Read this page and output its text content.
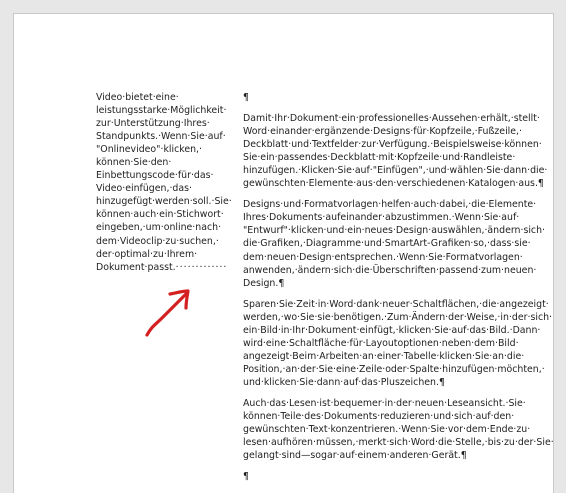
Video·bietet·eine·
leistungsstarke·Möglichkeit·
zur·Unterstützung·Ihres·
Standpunkts.·Wenn·Sie·auf·
"Onlinevideo"·klicken,·
können·Sie·den·
Einbettungscode·für·das·
Video·einfügen,·das·
hinzugefügt·werden·soll.·Sie·
können·auch·ein·Stichwort·
eingeben,·um·online·nach·
dem·Videoclip·zu·suchen,·
der·optimal·zu·Ihrem·
Dokument·passt.·············
¶
Damit·Ihr·Dokument·ein·professionelles·Aussehen·erhält,·stellt·
Word·einander·ergänzende·Designs·für·Kopfzeile,·Fußzeile,·
Deckblatt·und·Textfelder·zur·Verfügung.·Beispielsweise·können·
Sie·ein·passendes·Deckblatt·mit·Kopfzeile·und·Randleiste·
hinzufügen.·Klicken·Sie·auf·"Einfügen",·und·wählen·Sie·dann·die·
gewünschten·Elemente·aus·den·verschiedenen·Katalogen·aus.¶
Designs·und·Formatvorlagen·helfen·auch·dabei,·die·Elemente·
Ihres·Dokuments·aufeinander·abzustimmen.·Wenn·Sie·auf·
"Entwurf"·klicken·und·ein·neues·Design·auswählen,·ändern·sich·
die·Grafiken,·Diagramme·und·SmartArt-Grafiken·so,·dass·sie·
dem·neuen·Design·entsprechen.·Wenn·Sie·Formatvorlagen·
anwenden,·ändern·sich·die·Überschriften·passend·zum·neuen·
Design.¶
Sparen·Sie·Zeit·in·Word·dank·neuer·Schaltflächen,·die·angezeigt·
werden,·wo·Sie·sie·benötigen.·Zum·Ändern·der·Weise,·in·der·sich·
ein·Bild·in·Ihr·Dokument·einfügt,·klicken·Sie·auf·das·Bild.·Dann·
wird·eine·Schaltfläche·für·Layoutoptionen·neben·dem·Bild·
angezeigt·Beim·Arbeiten·an·einer·Tabelle·klicken·Sie·an·die·
Position,·an·der·Sie·eine·Zeile·oder·Spalte·hinzufügen·möchten,·
und·klicken·Sie·dann·auf·das·Pluszeichen.¶
Auch·das·Lesen·ist·bequemer·in·der·neuen·Leseansicht.·Sie·
können·Teile·des·Dokuments·reduzieren·und·sich·auf·den·
gewünschten·Text·konzentrieren.·Wenn·Sie·vor·dem·Ende·zu·
lesen·aufhören·müssen,·merkt·sich·Word·die·Stelle,·bis·zu·der·Sie·
gelangt·sind—sogar·auf·einem·anderen·Gerät.¶
¶
